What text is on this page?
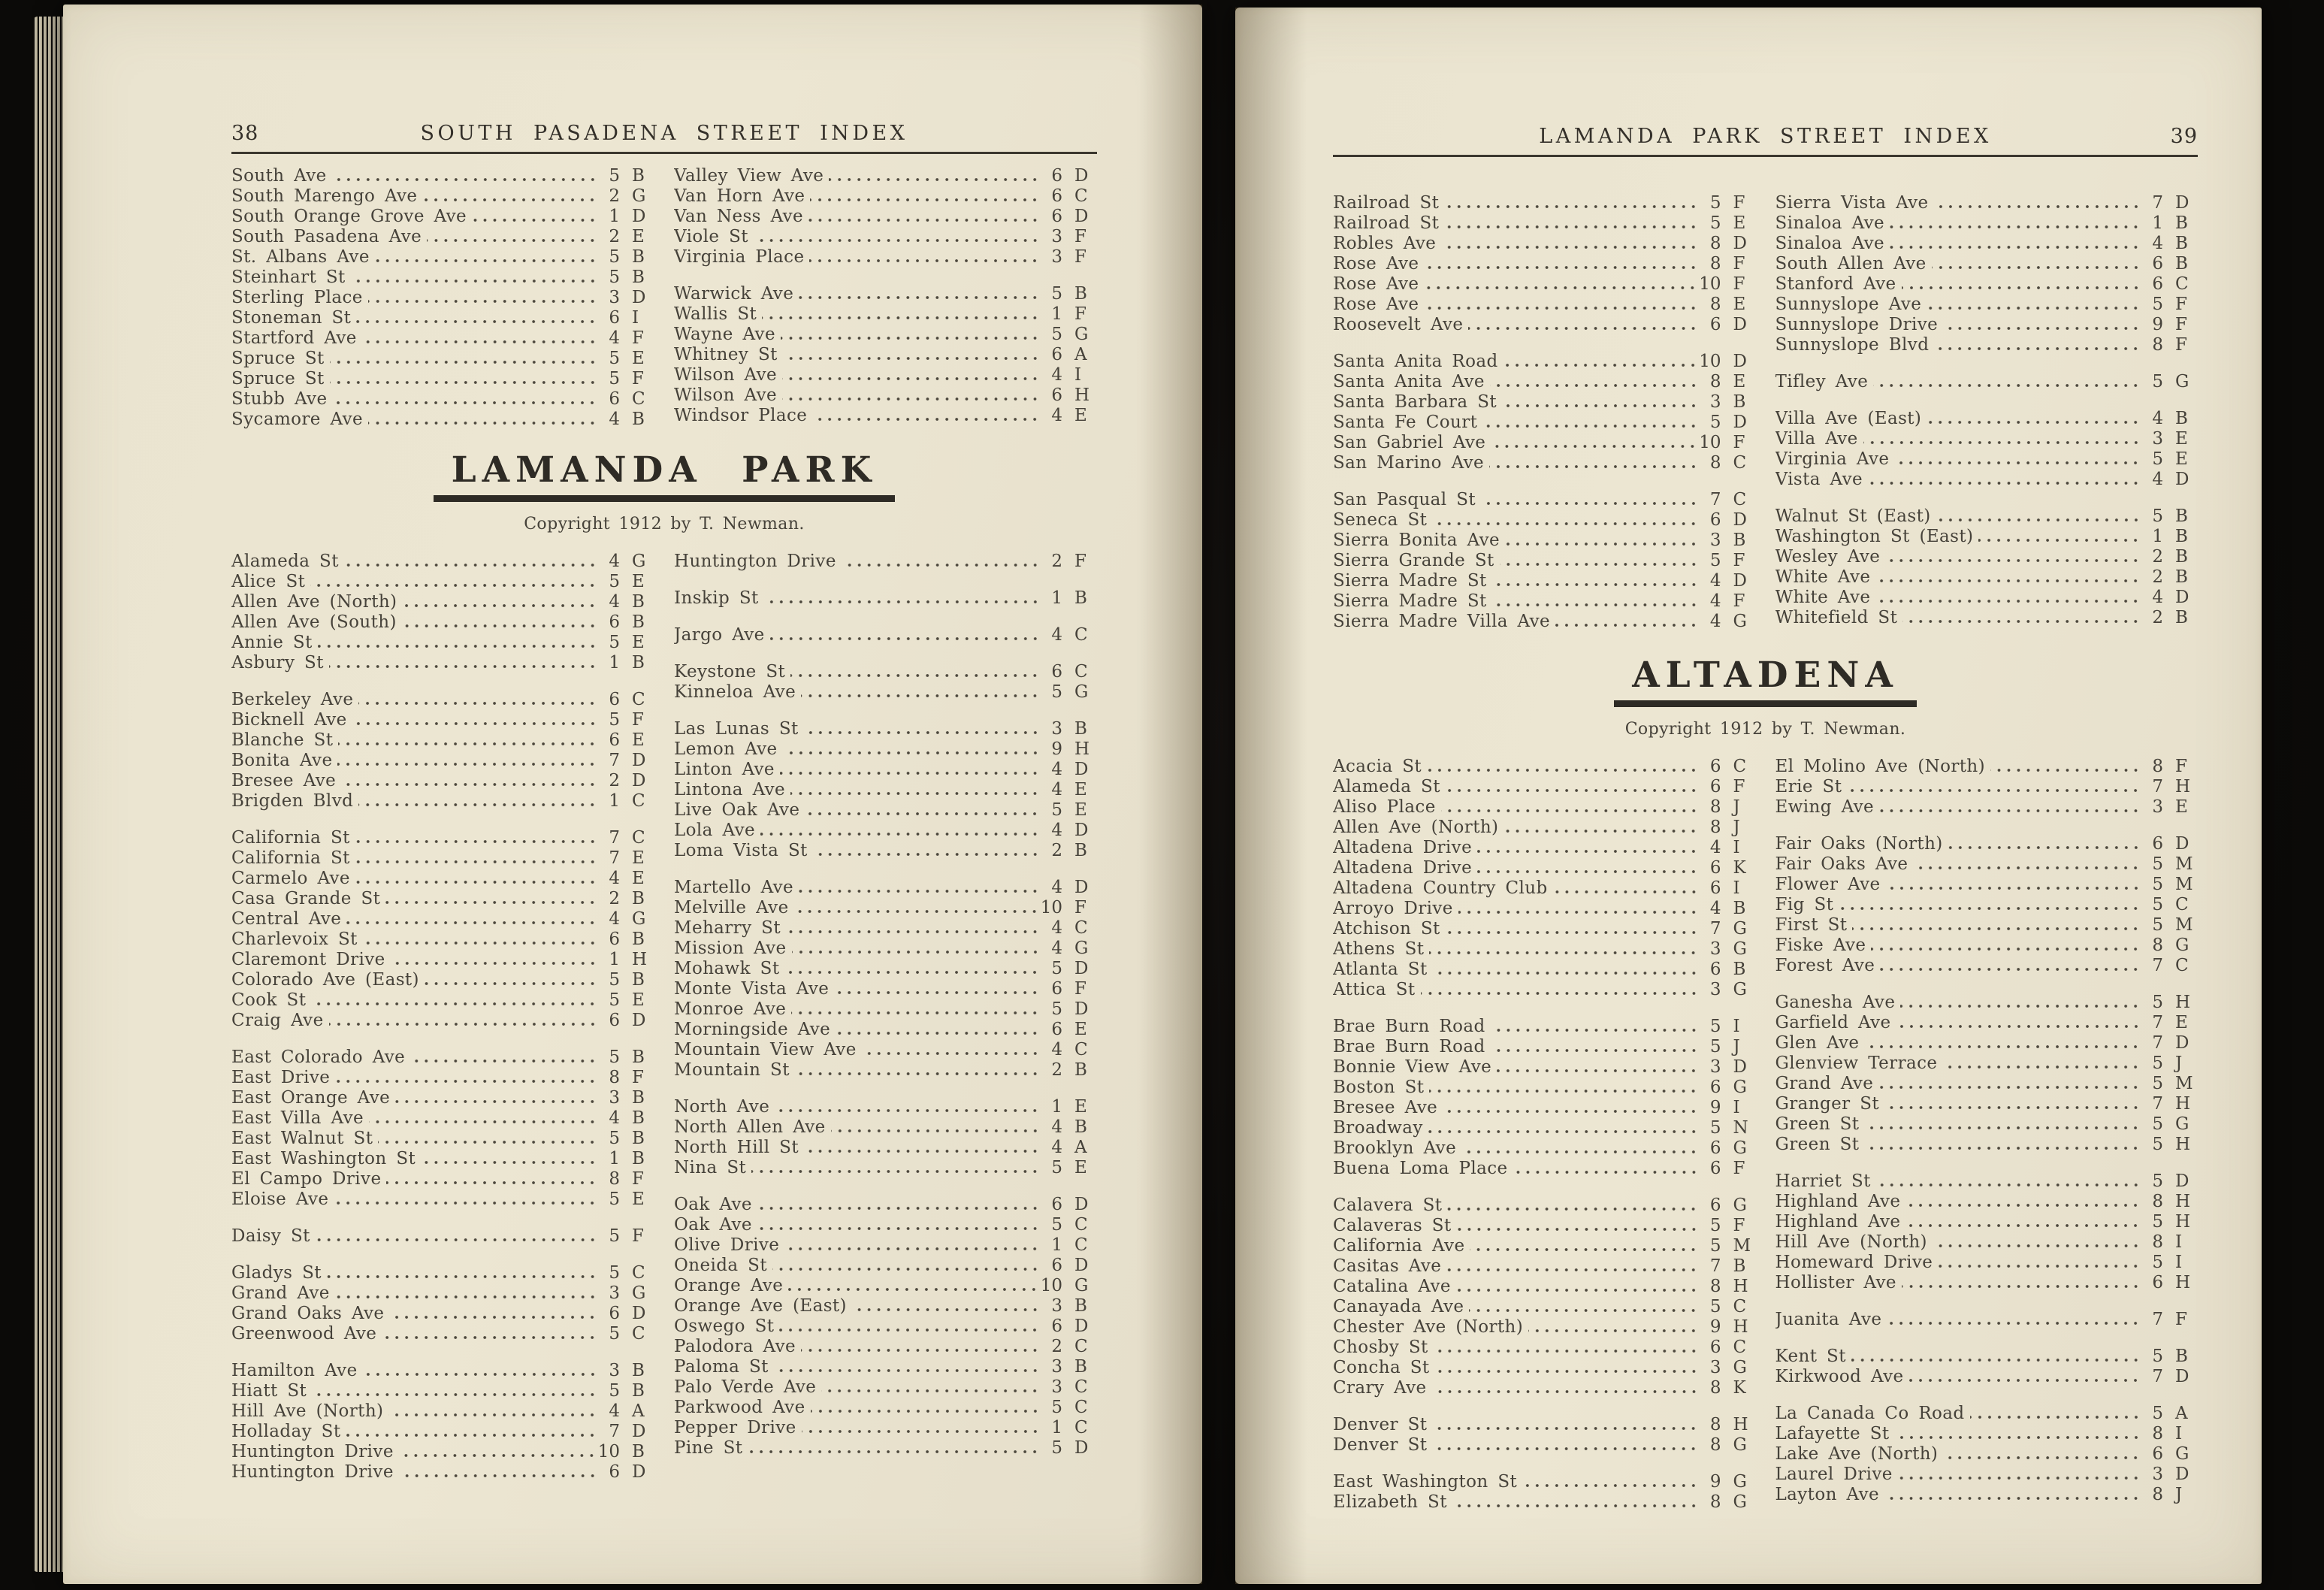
38	SOUTH PASADENA STREET INDEX
South Ave	5 B
South Marengo Ave	2 G
South Orange Grove Ave	1 D
South Pasadena Ave	2 E
St. Albans Ave	5 B
Steinhart St	5 B
Sterling Place	3 D
Stoneman St	6 I
Startford Ave	4 F
Spruce St	5 E
Spruce St	5 F
Stubb Ave	6 C
Sycamore Ave	4 B
Valley View Ave	6 D
Van Horn Ave	6 C
Van Ness Ave	6 D
Viole St	3 F
Virginia Place	3 F
Warwick Ave	5 B
Wallis St	1 F
Wayne Ave	5 G
Whitney St	6 A
Wilson Ave	4 I
Wilson Ave	6 H
Windsor Place	4 E
LAMANDA PARK
Copyright 1912 by T. Newman.
Alameda St	4 G
Alice St	5 E
Allen Ave (North)	4 B
Allen Ave (South)	6 B
Annie St	5 E
Asbury St	1 B
Berkeley Ave	6 C
Bicknell Ave	5 F
Blanche St	6 E
Bonita Ave	7 D
Bresee Ave	2 D
Brigden Blvd	1 C
California St	7 C
California St	7 E
Carmelo Ave	4 E
Casa Grande St	2 B
Central Ave	4 G
Charlevoix St	6 B
Claremont Drive	1 H
Colorado Ave (East)	5 B
Cook St	5 E
Craig Ave	6 D
East Colorado Ave	5 B
East Drive	8 F
East Orange Ave	3 B
East Villa Ave	4 B
East Walnut St	5 B
East Washington St	1 B
El Campo Drive	8 F
Eloise Ave	5 E
Daisy St	5 F
Gladys St	5 C
Grand Ave	3 G
Grand Oaks Ave	6 D
Greenwood Ave	5 C
Hamilton Ave	3 B
Hiatt St	5 B
Hill Ave (North)	4 A
Holladay St	7 D
Huntington Drive	10 B
Huntington Drive	6 D
Huntington Drive	2 F
Inskip St	1 B
Jargo Ave	4 C
Keystone St	6 C
Kinneloa Ave	5 G
Las Lunas St	3 B
Lemon Ave	9 H
Linton Ave	4 D
Lintona Ave	4 E
Live Oak Ave	5 E
Lola Ave	4 D
Loma Vista St	2 B
Martello Ave	4 D
Melville Ave	10 F
Meharry St	4 C
Mission Ave	4 G
Mohawk St	5 D
Monte Vista Ave	6 F
Monroe Ave	5 D
Morningside Ave	6 E
Mountain View Ave	4 C
Mountain St	2 B
North Ave	1 E
North Allen Ave	4 B
North Hill St	4 A
Nina St	5 E
Oak Ave	6 D
Oak Ave	5 C
Olive Drive	1 C
Oneida St	6 D
Orange Ave	10 G
Orange Ave (East)	3 B
Oswego St	6 D
Palodora Ave	2 C
Paloma St	3 B
Palo Verde Ave	3 C
Parkwood Ave	5 C
Pepper Drive	1 C
Pine St	5 D
LAMANDA PARK STREET INDEX	39
Railroad St	5 F
Railroad St	5 E
Robles Ave	8 D
Rose Ave	8 F
Rose Ave	10 F
Rose Ave	8 E
Roosevelt Ave	6 D
Santa Anita Road	10 D
Santa Anita Ave	8 E
Santa Barbara St	3 B
Santa Fe Court	5 D
San Gabriel Ave	10 F
San Marino Ave	8 C
San Pasqual St	7 C
Seneca St	6 D
Sierra Bonita Ave	3 B
Sierra Grande St	5 F
Sierra Madre St	4 D
Sierra Madre St	4 F
Sierra Madre Villa Ave	4 G
Sierra Vista Ave	7 D
Sinaloa Ave	1 B
Sinaloa Ave	4 B
South Allen Ave	6 B
Stanford Ave	6 C
Sunnyslope Ave	5 F
Sunnyslope Drive	9 F
Sunnyslope Blvd	8 F
Tifley Ave	5 G
Villa Ave (East)	4 B
Villa Ave	3 E
Virginia Ave	5 E
Vista Ave	4 D
Walnut St (East)	5 B
Washington St (East)	1 B
Wesley Ave	2 B
White Ave	2 B
White Ave	4 D
Whitefield St	2 B
ALTADENA
Copyright 1912 by T. Newman.
Acacia St	6 C
Alameda St	6 F
Aliso Place	8 J
Allen Ave (North)	8 J
Altadena Drive	4 I
Altadena Drive	6 K
Altadena Country Club	6 I
Arroyo Drive	4 B
Atchison St	7 G
Athens St	3 G
Atlanta St	6 B
Attica St	3 G
Brae Burn Road	5 I
Brae Burn Road	5 J
Bonnie View Ave	3 D
Boston St	6 G
Bresee Ave	9 I
Broadway	5 N
Brooklyn Ave	6 G
Buena Loma Place	6 F
Calavera St	6 G
Calaveras St	5 F
California Ave	5 M
Casitas Ave	7 B
Catalina Ave	8 H
Canayada Ave	5 C
Chester Ave (North)	9 H
Chosby St	6 C
Concha St	3 G
Crary Ave	8 K
Denver St	8 H
Denver St	8 G
East Washington St	9 G
Elizabeth St	8 G
El Molino Ave (North)	8 F
Erie St	7 H
Ewing Ave	3 E
Fair Oaks (North)	6 D
Fair Oaks Ave	5 M
Flower Ave	5 M
Fig St	5 C
First St	5 M
Fiske Ave	8 G
Forest Ave	7 C
Ganesha Ave	5 H
Garfield Ave	7 E
Glen Ave	7 D
Glenview Terrace	5 J
Grand Ave	5 M
Granger St	7 H
Green St	5 G
Green St	5 H
Harriet St	5 D
Highland Ave	8 H
Highland Ave	5 H
Hill Ave (North)	8 I
Homeward Drive	5 I
Hollister Ave	6 H
Juanita Ave	7 F
Kent St	5 B
Kirkwood Ave	7 D
La Canada Co Road	5 A
Lafayette St	8 I
Lake Ave (North)	6 G
Laurel Drive	3 D
Layton Ave	8 J
